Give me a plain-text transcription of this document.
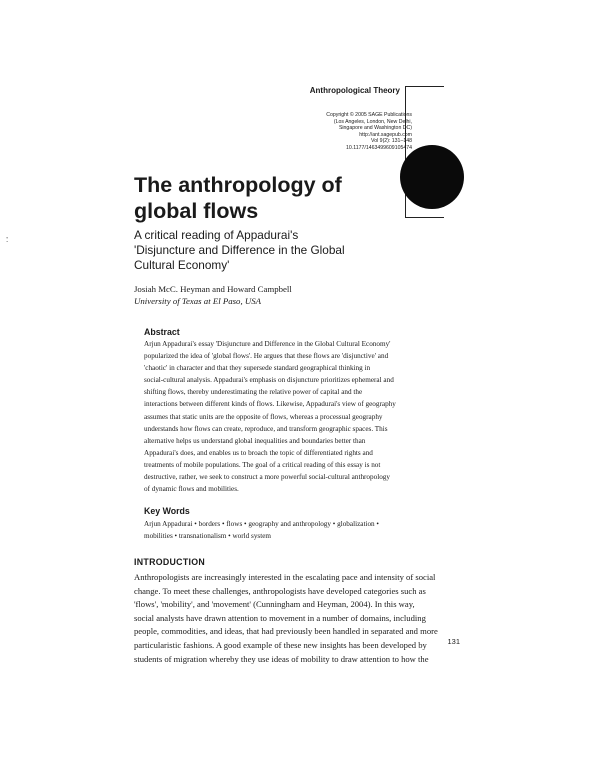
Anthropological Theory
Copyright © 2005 SAGE Publications
(Los Angeles, London, New Delhi,
Singapore and Washington DC)
http://ant.sagepub.com
Vol 9(2): 131–148
10.1177/1463499609105474
.
:
The anthropology of
global flows
A critical reading of Appadurai's
'Disjuncture and Difference in the Global
Cultural Economy'
Josiah McC. Heyman and Howard Campbell
University of Texas at El Paso, USA
Abstract
Arjun Appadurai's essay 'Disjuncture and Difference in the Global Cultural Economy'
popularized the idea of 'global flows'. He argues that these flows are 'disjunctive' and
'chaotic' in character and that they supersede standard geographical thinking in
social-cultural analysis. Appadurai's emphasis on disjuncture prioritizes ephemeral and
shifting flows, thereby underestimating the relative power of capital and the
interactions between different kinds of flows. Likewise, Appadurai's view of geography
assumes that static units are the opposite of flows, whereas a processual geography
understands how flows can create, reproduce, and transform geographic spaces. This
alternative helps us understand global inequalities and boundaries better than
Appadurai's does, and enables us to broach the topic of differentiated rights and
treatments of mobile populations. The goal of a critical reading of this essay is not
destructive, rather, we seek to construct a more powerful social-cultural anthropology
of dynamic flows and mobilities.
Key Words
Arjun Appadurai • borders • flows • geography and anthropology • globalization •
mobilities • transnationalism • world system
INTRODUCTION
Anthropologists are increasingly interested in the escalating pace and intensity of social
change. To meet these challenges, anthropologists have developed categories such as
'flows', 'mobility', and 'movement' (Cunningham and Heyman, 2004). In this way,
social analysts have drawn attention to movement in a number of domains, including
people, commodities, and ideas, that had previously been handled in separated and more
particularistic fashions. A good example of these new insights has been developed by
students of migration whereby they use ideas of mobility to draw attention to how the
131
